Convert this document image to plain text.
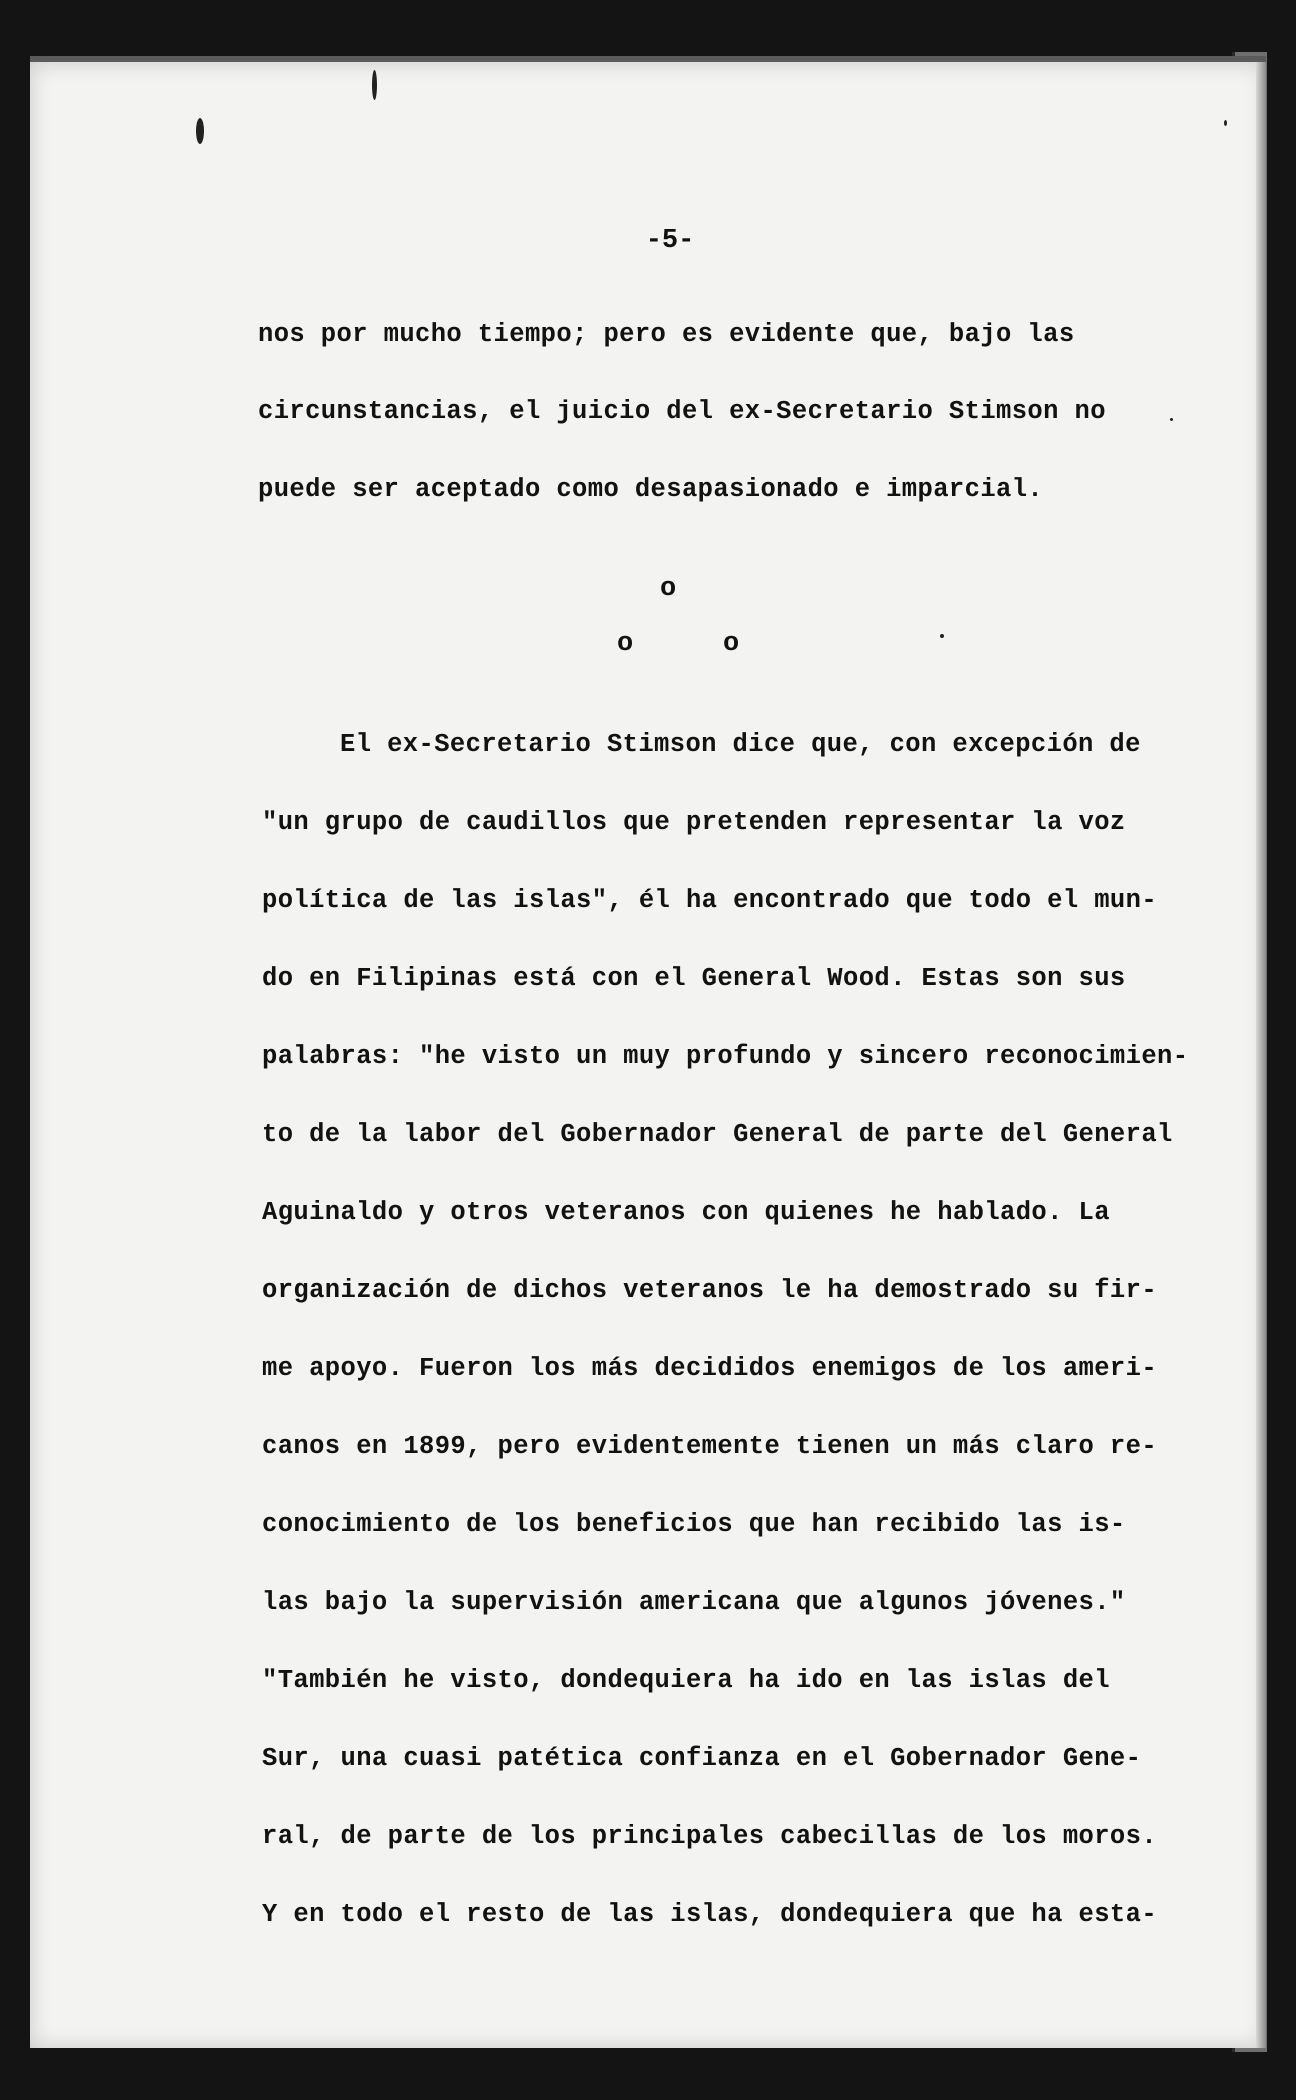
-5-

nos por mucho tiempo; pero es evidente que, bajo las

circunstancias, el juicio del ex-Secretario Stimson no

puede ser aceptado como desapasionado e imparcial.

o
o	o

El ex-Secretario Stimson dice que, con excepción de

"un grupo de caudillos que pretenden representar la voz

política de las islas", él ha encontrado que todo el mun-

do en Filipinas está con el General Wood. Estas son sus

palabras: "he visto un muy profundo y sincero reconocimien-

to de la labor del Gobernador General de parte del General

Aguinaldo y otros veteranos con quienes he hablado. La

organización de dichos veteranos le ha demostrado su fir-

me apoyo. Fueron los más decididos enemigos de los ameri-

canos en 1899, pero evidentemente tienen un más claro re-

conocimiento de los beneficios que han recibido las is-

las bajo la supervisión americana que algunos jóvenes."

"También he visto, dondequiera ha ido en las islas del

Sur, una cuasi patética confianza en el Gobernador Gene-

ral, de parte de los principales cabecillas de los moros.

Y en todo el resto de las islas, dondequiera que ha esta-
